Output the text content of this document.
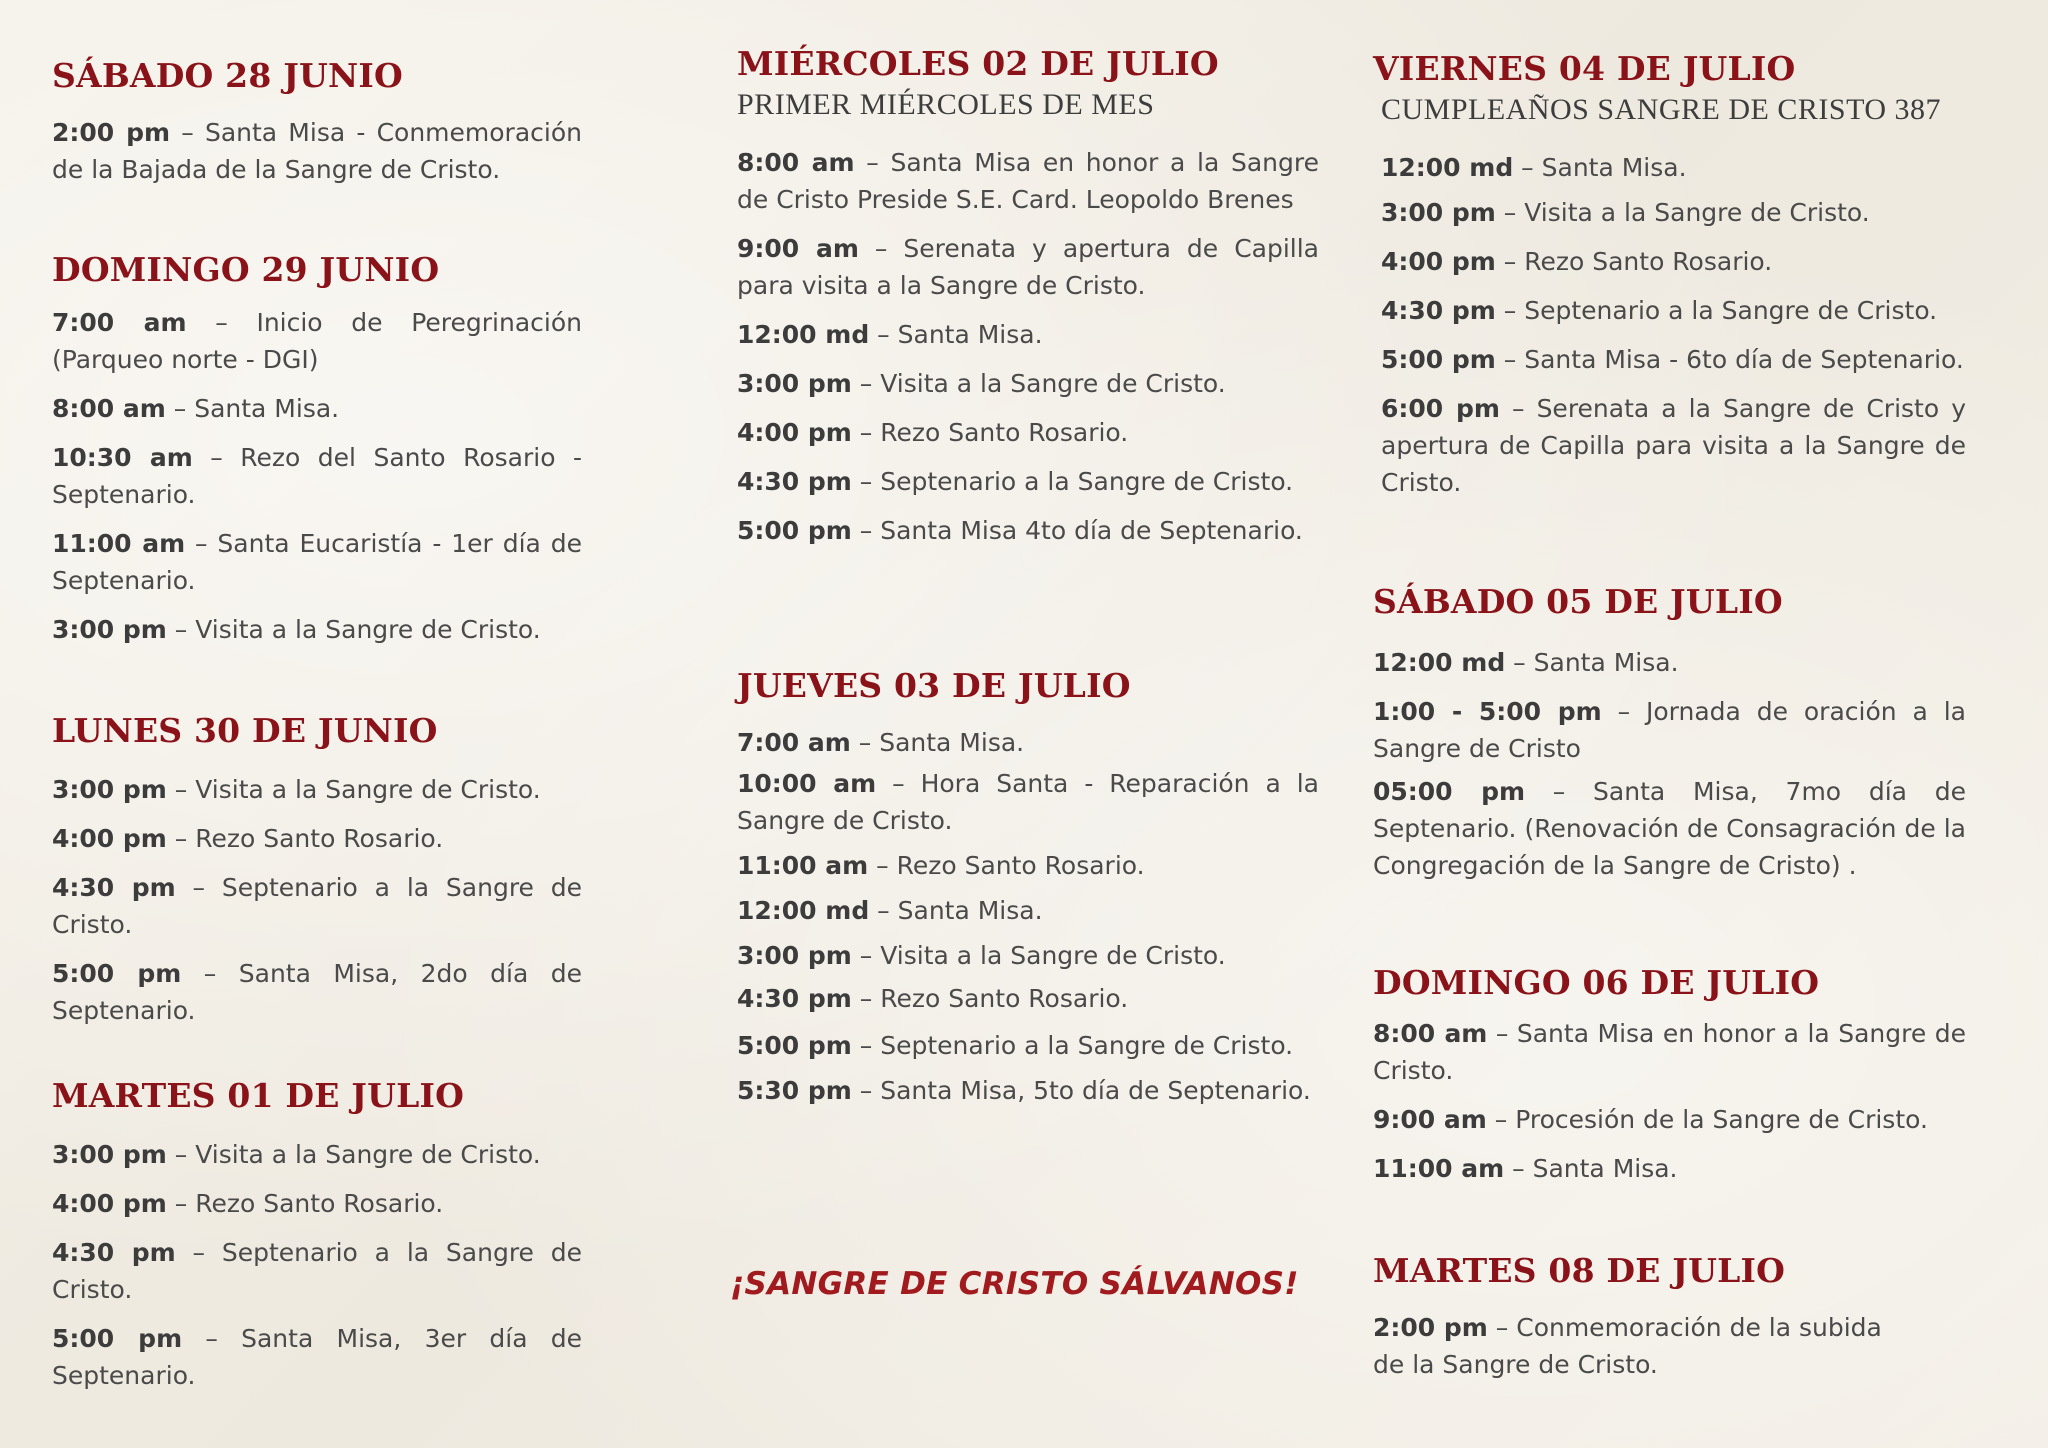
SÁBADO 28 JUNIO
2:00 pm – Santa Misa - Conmemoración de la Bajada de la Sangre de Cristo.
DOMINGO 29 JUNIO
7:00 am – Inicio de Peregrinación (Parqueo norte - DGI)
8:00 am – Santa Misa.
10:30 am – Rezo del Santo Rosario - Septenario.
11:00 am – Santa Eucaristía - 1er día de Septenario.
3:00 pm – Visita a la Sangre de Cristo.
LUNES 30 DE JUNIO
3:00 pm – Visita a la Sangre de Cristo.
4:00 pm – Rezo Santo Rosario.
4:30 pm – Septenario a la Sangre de Cristo.
5:00 pm – Santa Misa, 2do día de Septenario.
MARTES 01 DE JULIO
3:00 pm – Visita a la Sangre de Cristo.
4:00 pm – Rezo Santo Rosario.
4:30 pm – Septenario a la Sangre de Cristo.
5:00 pm – Santa Misa, 3er día de Septenario.
MIÉRCOLES 02 DE JULIO

PRIMER MIÉRCOLES DE MES

8:00 am – Santa Misa en honor a la Sangre de Cristo Preside S.E. Card. Leopoldo Brenes
9:00 am – Serenata y apertura de Capilla para visita a la Sangre de Cristo.
12:00 md – Santa Misa.
3:00 pm – Visita a la Sangre de Cristo.
4:00 pm – Rezo Santo Rosario.
4:30 pm – Septenario a la Sangre de Cristo.
5:00 pm – Santa Misa 4to día de Septenario.
JUEVES 03 DE JULIO
7:00 am – Santa Misa.
10:00 am – Hora Santa - Reparación a la Sangre de Cristo.
11:00 am – Rezo Santo Rosario.
12:00 md – Santa Misa.
3:00 pm – Visita a la Sangre de Cristo.
4:30 pm – Rezo Santo Rosario.
5:00 pm – Septenario a la Sangre de Cristo.
5:30 pm – Santa Misa, 5to día de Septenario.
VIERNES 04 DE JULIO

CUMPLEAÑOS SANGRE DE CRISTO 387

12:00 md – Santa Misa.
3:00 pm – Visita a la Sangre de Cristo.
4:00 pm – Rezo Santo Rosario.
4:30 pm – Septenario a la Sangre de Cristo.
5:00 pm – Santa Misa - 6to día de Septenario.
6:00 pm – Serenata a la Sangre de Cristo y apertura de Capilla para visita a la Sangre de Cristo.
SÁBADO 05 DE JULIO
12:00 md – Santa Misa.
1:00 - 5:00 pm – Jornada de oración a la Sangre de Cristo
05:00 pm – Santa Misa, 7mo día de Septenario. (Renovación de Consagración de la Congregación de la Sangre de Cristo) .
DOMINGO 06 DE JULIO
8:00 am – Santa Misa en honor a la Sangre de Cristo.
9:00 am – Procesión de la Sangre de Cristo.
11:00 am – Santa Misa.
MARTES 08 DE JULIO
2:00 pm – Conmemoración de la subida de la Sangre de Cristo.

¡SANGRE DE CRISTO SÁLVANOS!
